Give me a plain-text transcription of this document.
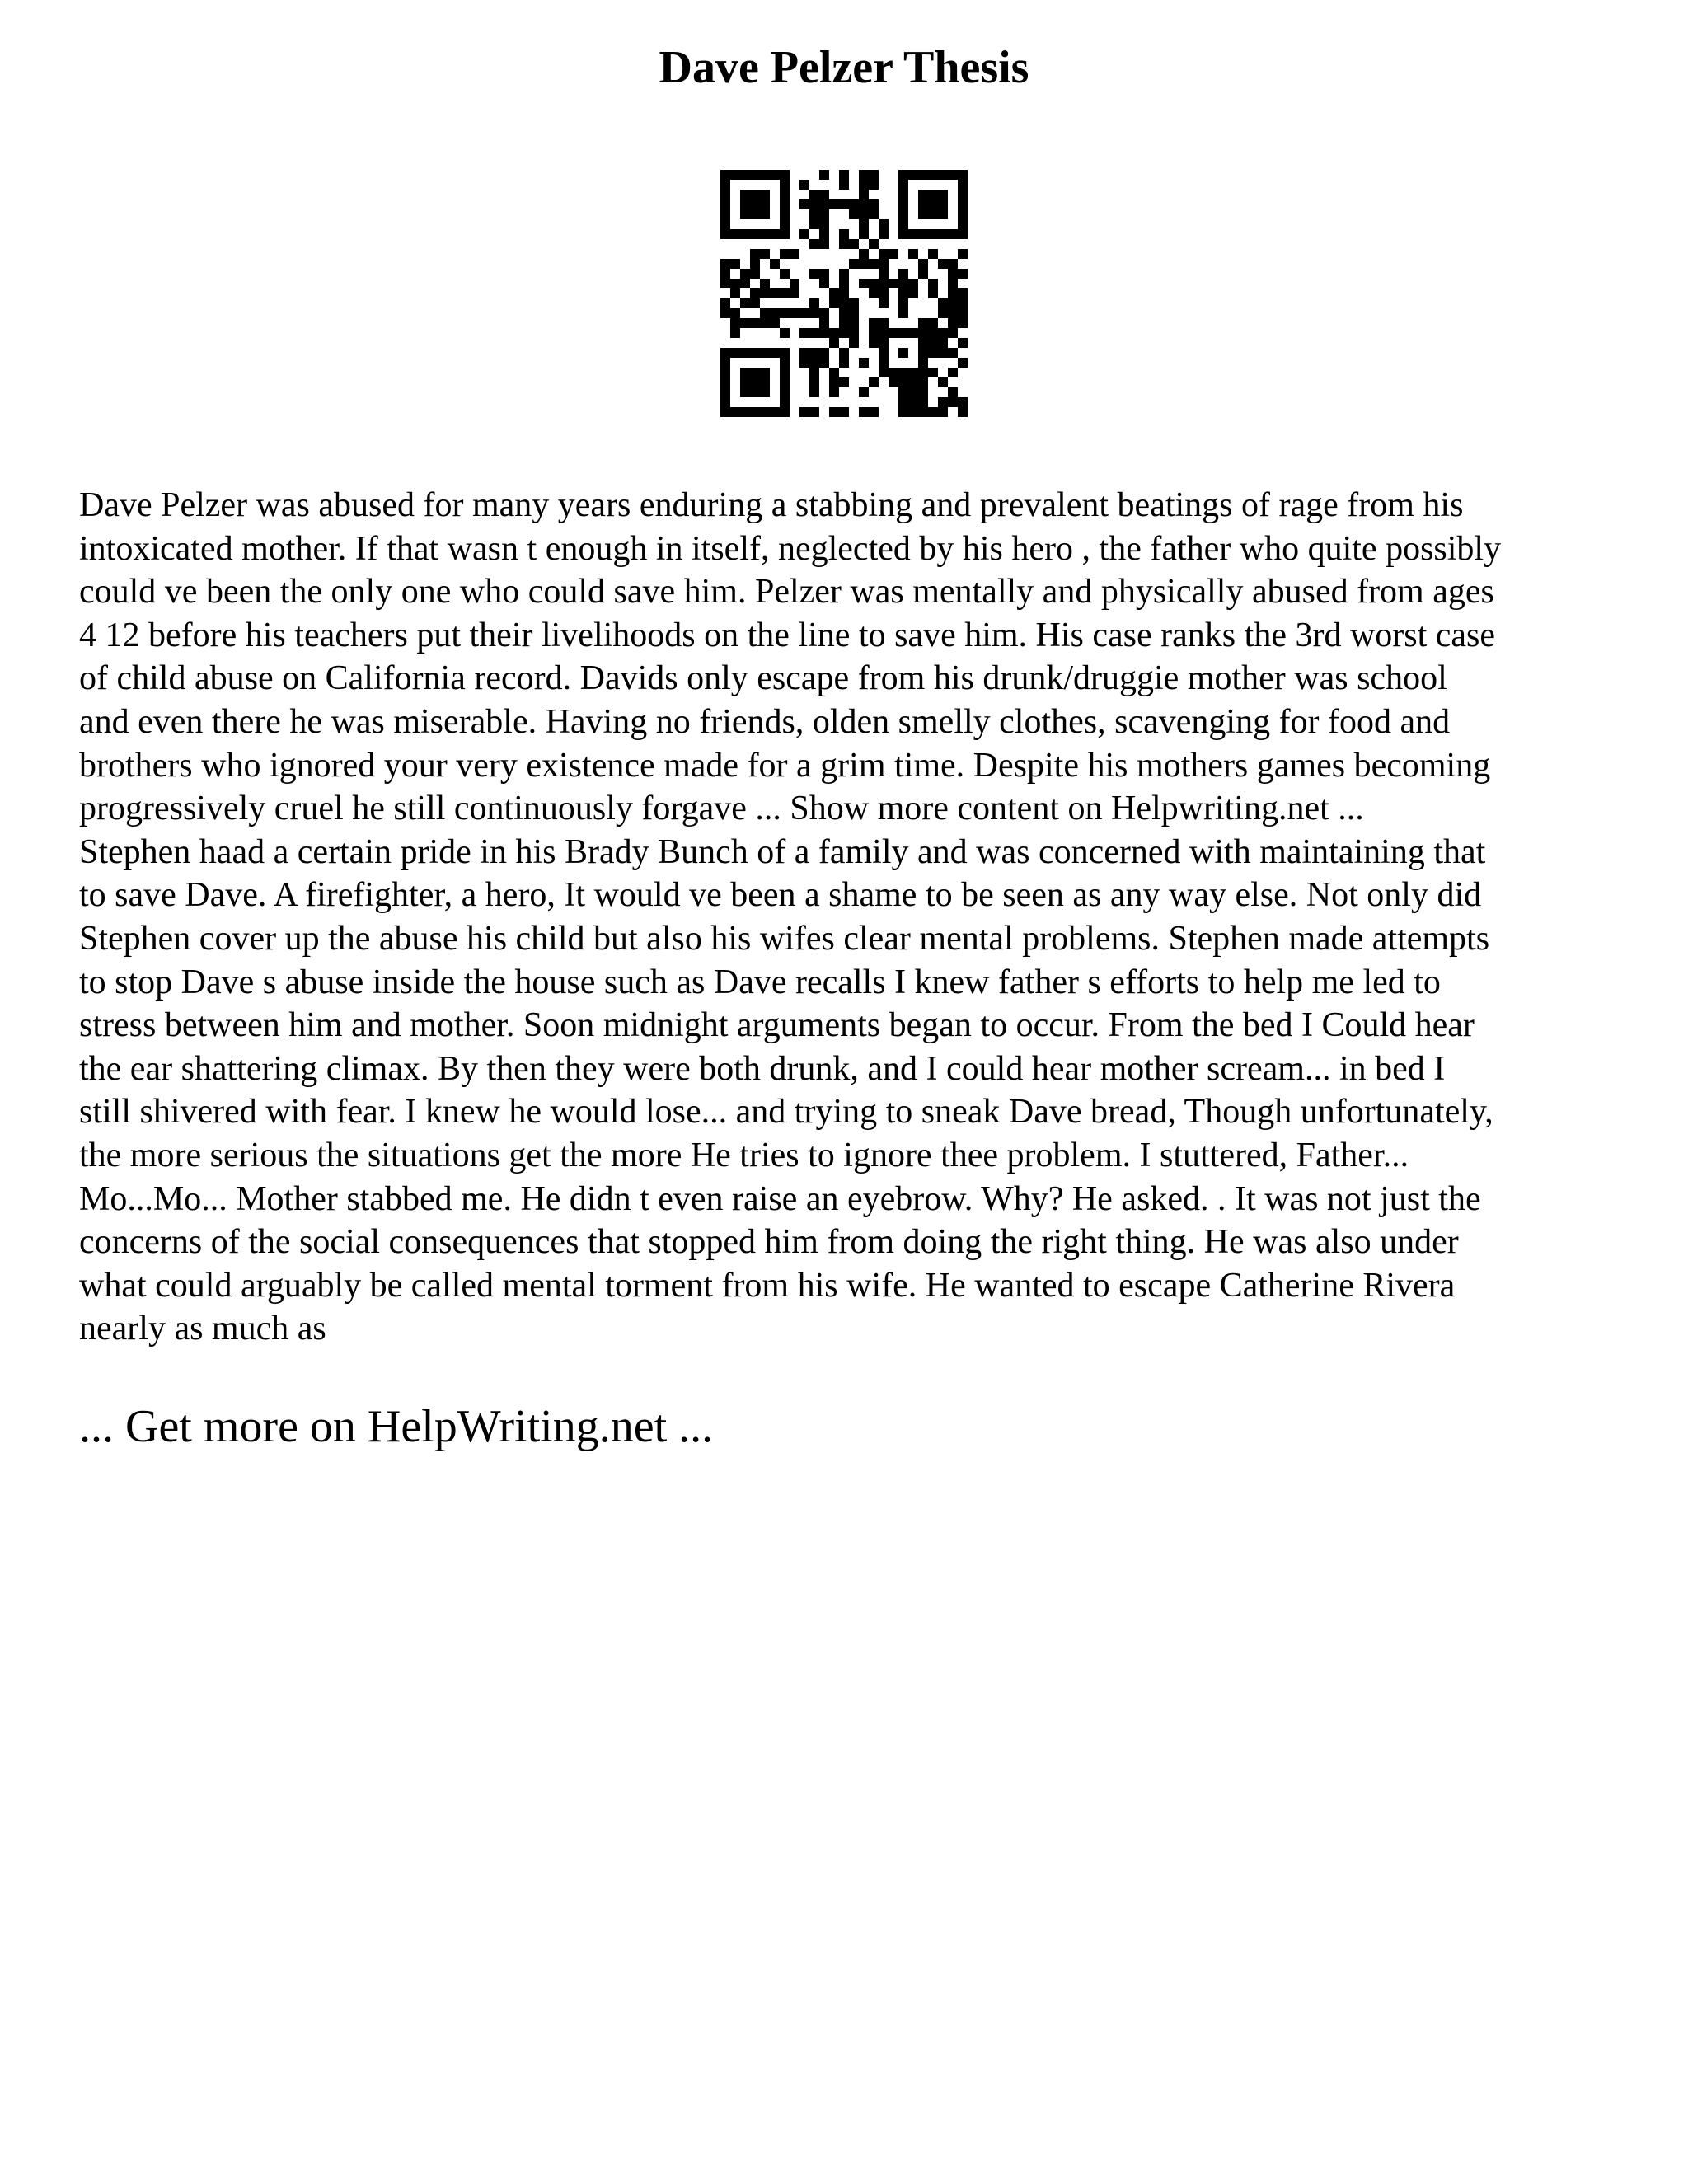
Dave Pelzer Thesis
Dave Pelzer was abused for many years enduring a stabbing and prevalent beatings of rage from his
intoxicated mother. If that wasn t enough in itself, neglected by his hero , the father who quite possibly
could ve been the only one who could save him. Pelzer was mentally and physically abused from ages
4 12 before his teachers put their livelihoods on the line to save him. His case ranks the 3rd worst case
of child abuse on California record. Davids only escape from his drunk/druggie mother was school
and even there he was miserable. Having no friends, olden smelly clothes, scavenging for food and
brothers who ignored your very existence made for a grim time. Despite his mothers games becoming
progressively cruel he still continuously forgave ... Show more content on Helpwriting.net ...
Stephen haad a certain pride in his Brady Bunch of a family and was concerned with maintaining that
to save Dave. A firefighter, a hero, It would ve been a shame to be seen as any way else. Not only did
Stephen cover up the abuse his child but also his wifes clear mental problems. Stephen made attempts
to stop Dave s abuse inside the house such as Dave recalls I knew father s efforts to help me led to
stress between him and mother. Soon midnight arguments began to occur. From the bed I Could hear
the ear shattering climax. By then they were both drunk, and I could hear mother scream... in bed I
still shivered with fear. I knew he would lose... and trying to sneak Dave bread, Though unfortunately,
the more serious the situations get the more He tries to ignore thee problem. I stuttered, Father...
Mo...Mo... Mother stabbed me. He didn t even raise an eyebrow. Why? He asked. . It was not just the
concerns of the social consequences that stopped him from doing the right thing. He was also under
what could arguably be called mental torment from his wife. He wanted to escape Catherine Rivera
nearly as much as
... Get more on HelpWriting.net ...
